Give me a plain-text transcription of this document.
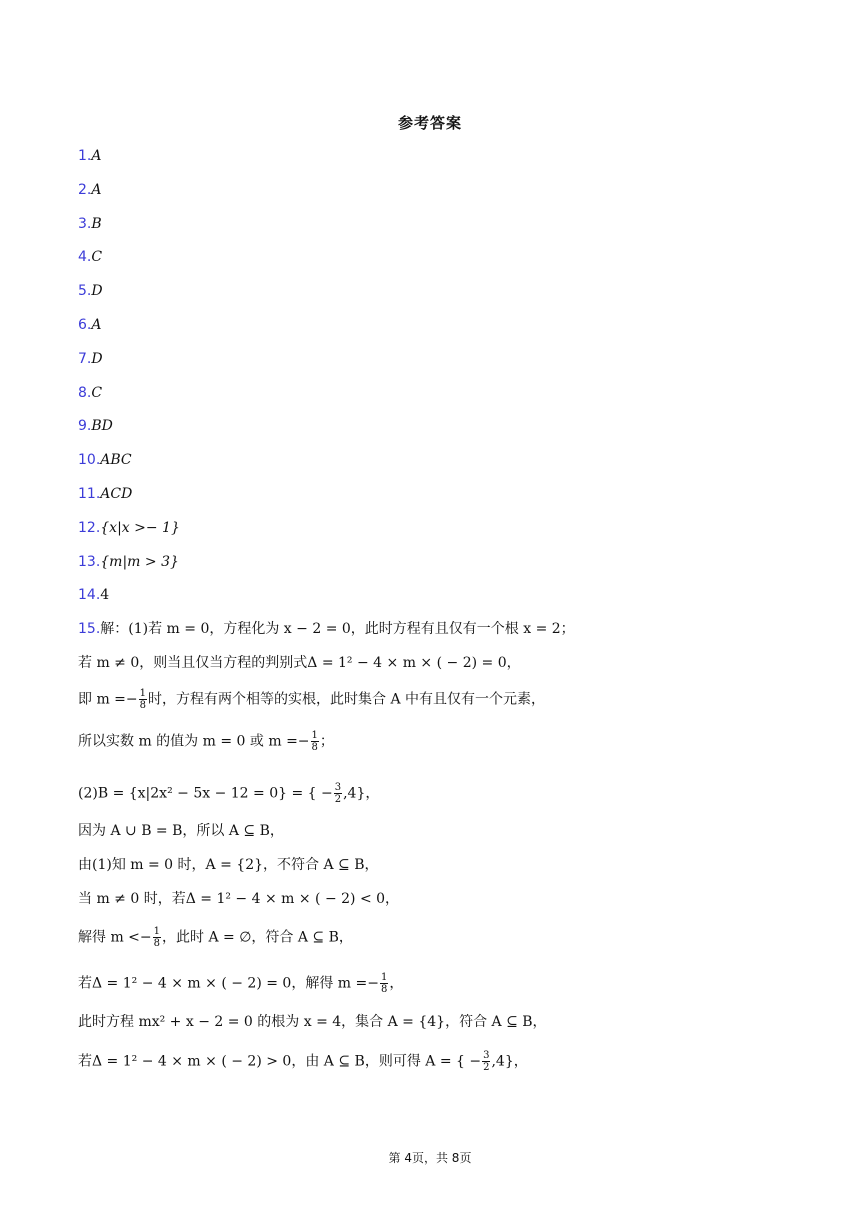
参考答案
1.A
2.A
3.B
4.C
5.D
6.A
7.D
8.C
9.BD
10.ABC
11.ACD
12.{x|x >− 1}
13.{m|m > 3}
14.4
15.解：(1)若 m = 0，方程化为 x − 2 = 0，此时方程有且仅有一个根 x = 2；
若 m ≠ 0，则当且仅当方程的判别式Δ = 1² − 4 × m × ( − 2) = 0，
即 $m =- \frac{1}{8}$ 时，方程有两个相等的实根，此时集合 A 中有且仅有一个元素，
所以实数 m 的值为 m = 0 或 $m =- \frac{1}{8}$ ；
(2)B = {x|2x² − 5x − 12 = 0} = { − $\frac{3}{2} ,4$}，
因为 A ∪ B = B，所以 A ⊆ B，
由(1)知 m = 0 时，A = {2}，不符合 A ⊆ B，
当 m ≠ 0 时，若Δ = 1² − 4 × m × ( − 2) < 0，
解得 $m <- \frac{1}{8}$ ，此时 A = ∅，符合 A ⊆ B，
若Δ = 1² − 4 × m × ( − 2) = 0，解得 $m =- \frac{1}{8}$ ，
此时方程 mx² + x − 2 = 0 的根为 x = 4，集合 A = {4}，符合 A ⊆ B，
若Δ = 1² − 4 × m × ( − 2) > 0，由 A ⊆ B，则可得 A = { − $\frac{3}{2} ,4$}，
第 4页，共 8页
